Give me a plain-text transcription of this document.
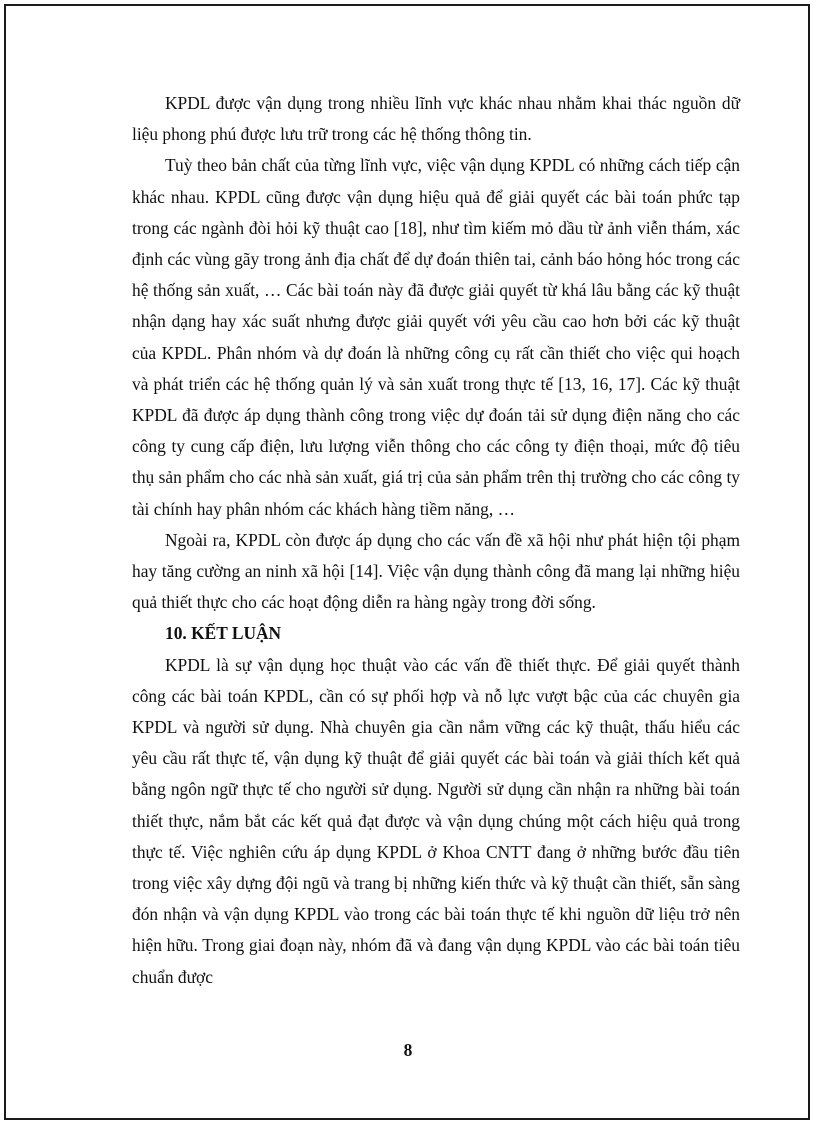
KPDL được vận dụng trong nhiều lĩnh vực khác nhau nhằm khai thác nguồn dữ liệu phong phú được lưu trữ trong các hệ thống thông tin.

Tuỳ theo bản chất của từng lĩnh vực, việc vận dụng KPDL có những cách tiếp cận khác nhau. KPDL cũng được vận dụng hiệu quả để giải quyết các bài toán phức tạp trong các ngành đòi hỏi kỹ thuật cao [18], như tìm kiếm mỏ dầu từ ảnh viễn thám, xác định các vùng gãy trong ảnh địa chất để dự đoán thiên tai, cảnh báo hỏng hóc trong các hệ thống sản xuất, … Các bài toán này đã được giải quyết từ khá lâu bằng các kỹ thuật nhận dạng hay xác suất nhưng được giải quyết với yêu cầu cao hơn bởi các kỹ thuật của KPDL. Phân nhóm và dự đoán là những công cụ rất cần thiết cho việc qui hoạch và phát triển các hệ thống quản lý và sản xuất trong thực tế [13, 16, 17]. Các kỹ thuật KPDL đã được áp dụng thành công trong việc dự đoán tải sử dụng điện năng cho các công ty cung cấp điện, lưu lượng viễn thông cho các công ty điện thoại, mức độ tiêu thụ sản phẩm cho các nhà sản xuất, giá trị của sản phẩm trên thị trường cho các công ty tài chính hay phân nhóm các khách hàng tiềm năng, …

Ngoài ra, KPDL còn được áp dụng cho các vấn đề xã hội như phát hiện tội phạm hay tăng cường an ninh xã hội [14]. Việc vận dụng thành công đã mang lại những hiệu quả thiết thực cho các hoạt động diễn ra hàng ngày trong đời sống.

10. KẾT LUẬN

KPDL là sự vận dụng học thuật vào các vấn đề thiết thực. Để giải quyết thành công các bài toán KPDL, cần có sự phối hợp và nỗ lực vượt bậc của các chuyên gia KPDL và người sử dụng. Nhà chuyên gia cần nắm vững các kỹ thuật, thấu hiểu các yêu cầu rất thực tế, vận dụng kỹ thuật để giải quyết các bài toán và giải thích kết quả bằng ngôn ngữ thực tế cho người sử dụng. Người sử dụng cần nhận ra những bài toán thiết thực, nắm bắt các kết quả đạt được và vận dụng chúng một cách hiệu quả trong thực tế. Việc nghiên cứu áp dụng KPDL ở Khoa CNTT đang ở những bước đầu tiên trong việc xây dựng đội ngũ và trang bị những kiến thức và kỹ thuật cần thiết, sẵn sàng đón nhận và vận dụng KPDL vào trong các bài toán thực tế khi nguồn dữ liệu trở nên hiện hữu. Trong giai đoạn này, nhóm đã và đang vận dụng KPDL vào các bài toán tiêu chuẩn được

8
